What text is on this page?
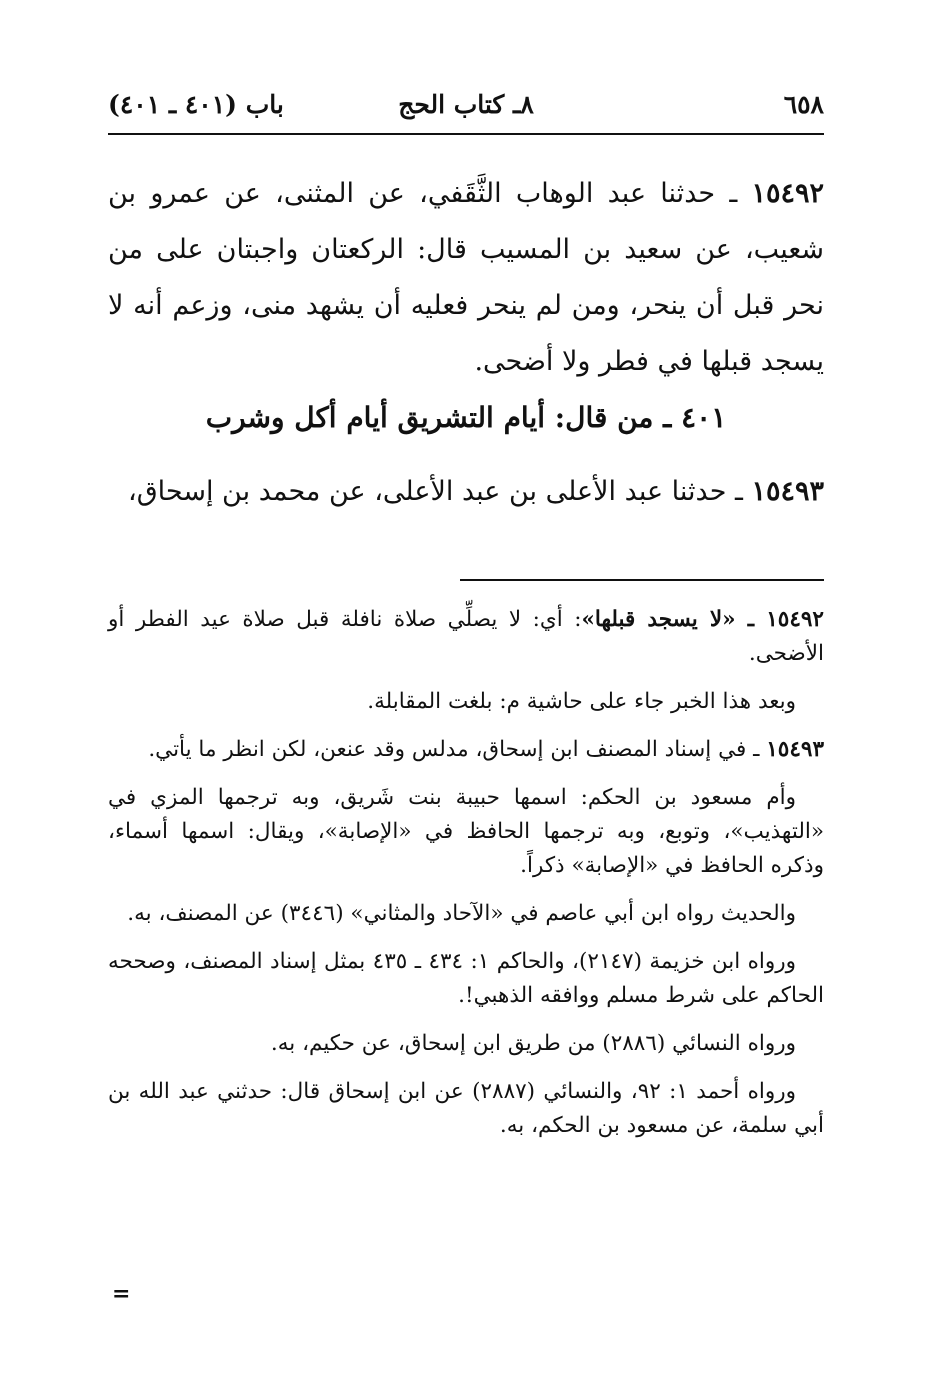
٦٥٨
٨ـ كتاب الحج
باب (٤٠١ ـ ٤٠١)

١٥٤٩٢ ـ حدثنا عبد الوهاب الثَّقَفي، عن المثنى، عن عمرو بن شعيب، عن سعيد بن المسيب قال: الركعتان واجبتان على من نحر قبل أن ينحر، ومن لم ينحر فعليه أن يشهد منى، وزعم أنه لا يسجد قبلها في فطر ولا أضحى.

٤٠١ ـ من قال: أيام التشريق أيام أكل وشرب

١٥٤٩٣ ـ حدثنا عبد الأعلى بن عبد الأعلى، عن محمد بن إسحاق،

١٥٤٩٢ ـ «لا يسجد قبلها»: أي: لا يصلِّي صلاة نافلة قبل صلاة عيد الفطر أو الأضحى.

وبعد هذا الخبر جاء على حاشية م: بلغت المقابلة.

١٥٤٩٣ ـ في إسناد المصنف ابن إسحاق، مدلس وقد عنعن، لكن انظر ما يأتي.

وأم مسعود بن الحكم: اسمها حبيبة بنت شَريق، وبه ترجمها المزي في «التهذيب»، وتوبع، وبه ترجمها الحافظ في «الإصابة»، ويقال: اسمها أسماء، وذكره الحافظ في «الإصابة» ذكراً.

والحديث رواه ابن أبي عاصم في «الآحاد والمثاني» (٣٤٤٦) عن المصنف، به.

ورواه ابن خزيمة (٢١٤٧)، والحاكم ١: ٤٣٤ ـ ٤٣٥ بمثل إسناد المصنف، وصححه الحاكم على شرط مسلم ووافقه الذهبي!.

ورواه النسائي (٢٨٨٦) من طريق ابن إسحاق، عن حكيم، به.

ورواه أحمد ١: ٩٢، والنسائي (٢٨٨٧) عن ابن إسحاق قال: حدثني عبد الله بن أبي سلمة، عن مسعود بن الحكم، به.

=
